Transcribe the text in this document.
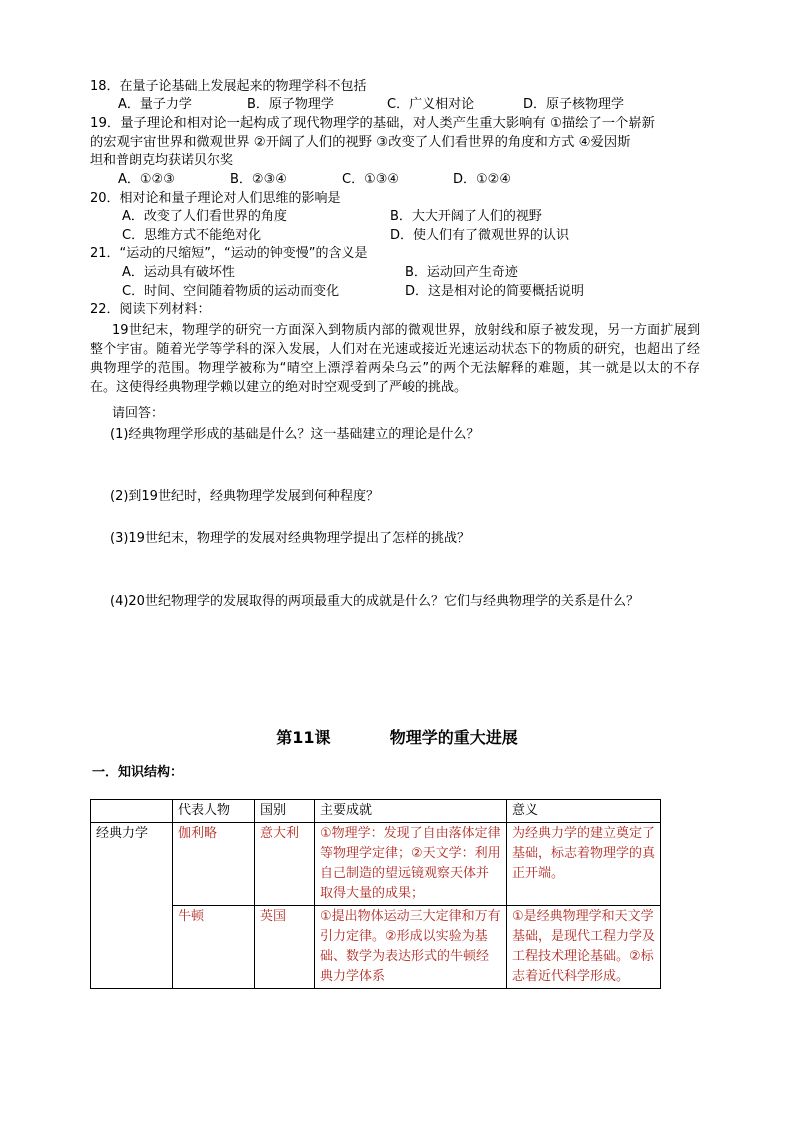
18．在量子论基础上发展起来的物理学科不包括
A．量子力学	B．原子物理学	C．广义相对论	D．原子核物理学
19．量子理论和相对论一起构成了现代物理学的基础，对人类产生重大影响有 ①描绘了一个崭新
的宏观宇宙世界和微观世界 ②开阔了人们的视野 ③改变了人们看世界的角度和方式 ④爱因斯
坦和普朗克均获诺贝尔奖
A．①②③	B．②③④	C．①③④	D．①②④
20．相对论和量子理论对人们思维的影响是
A．改变了人们看世界的角度	B．大大开阔了人们的视野
C．思维方式不能绝对化	D．使人们有了微观世界的认识
21．“运动的尺缩短”，“运动的钟变慢”的含义是
A．运动具有破坏性	B．运动回产生奇迹
C．时间、空间随着物质的运动而变化	D．这是相对论的简要概括说明
22．阅读下列材料：
19世纪末，物理学的研究一方面深入到物质内部的微观世界，放射线和原子被发现，另一方面扩展到整个宇宙。随着光学等学科的深入发展，人们对在光速或接近光速运动状态下的物质的研究，也超出了经典物理学的范围。物理学被称为“晴空上漂浮着两朵乌云”的两个无法解释的难题，其一就是以太的不存在。这使得经典物理学赖以建立的绝对时空观受到了严峻的挑战。
请回答：
(1)经典物理学形成的基础是什么？这一基础建立的理论是什么？
(2)到19世纪时，经典物理学发展到何种程度？
(3)19世纪末，物理学的发展对经典物理学提出了怎样的挑战？
(4)20世纪物理学的发展取得的两项最重大的成就是什么？它们与经典物理学的关系是什么？
第11课	物理学的重大进展
一．知识结构：
	代表人物	国别	主要成就	意义
经典力学	伽利略	意大利	①物理学：发现了自由落体定律等物理学定律；②天文学：利用自己制造的望远镜观察天体并取得大量的成果；	为经典力学的建立奠定了基础，标志着物理学的真正开端。
	牛顿	英国	①提出物体运动三大定律和万有引力定律。②形成以实验为基础、数学为表达形式的牛顿经典力学体系	①是经典物理学和天文学基础，是现代工程力学及工程技术理论基础。②标志着近代科学形成。
